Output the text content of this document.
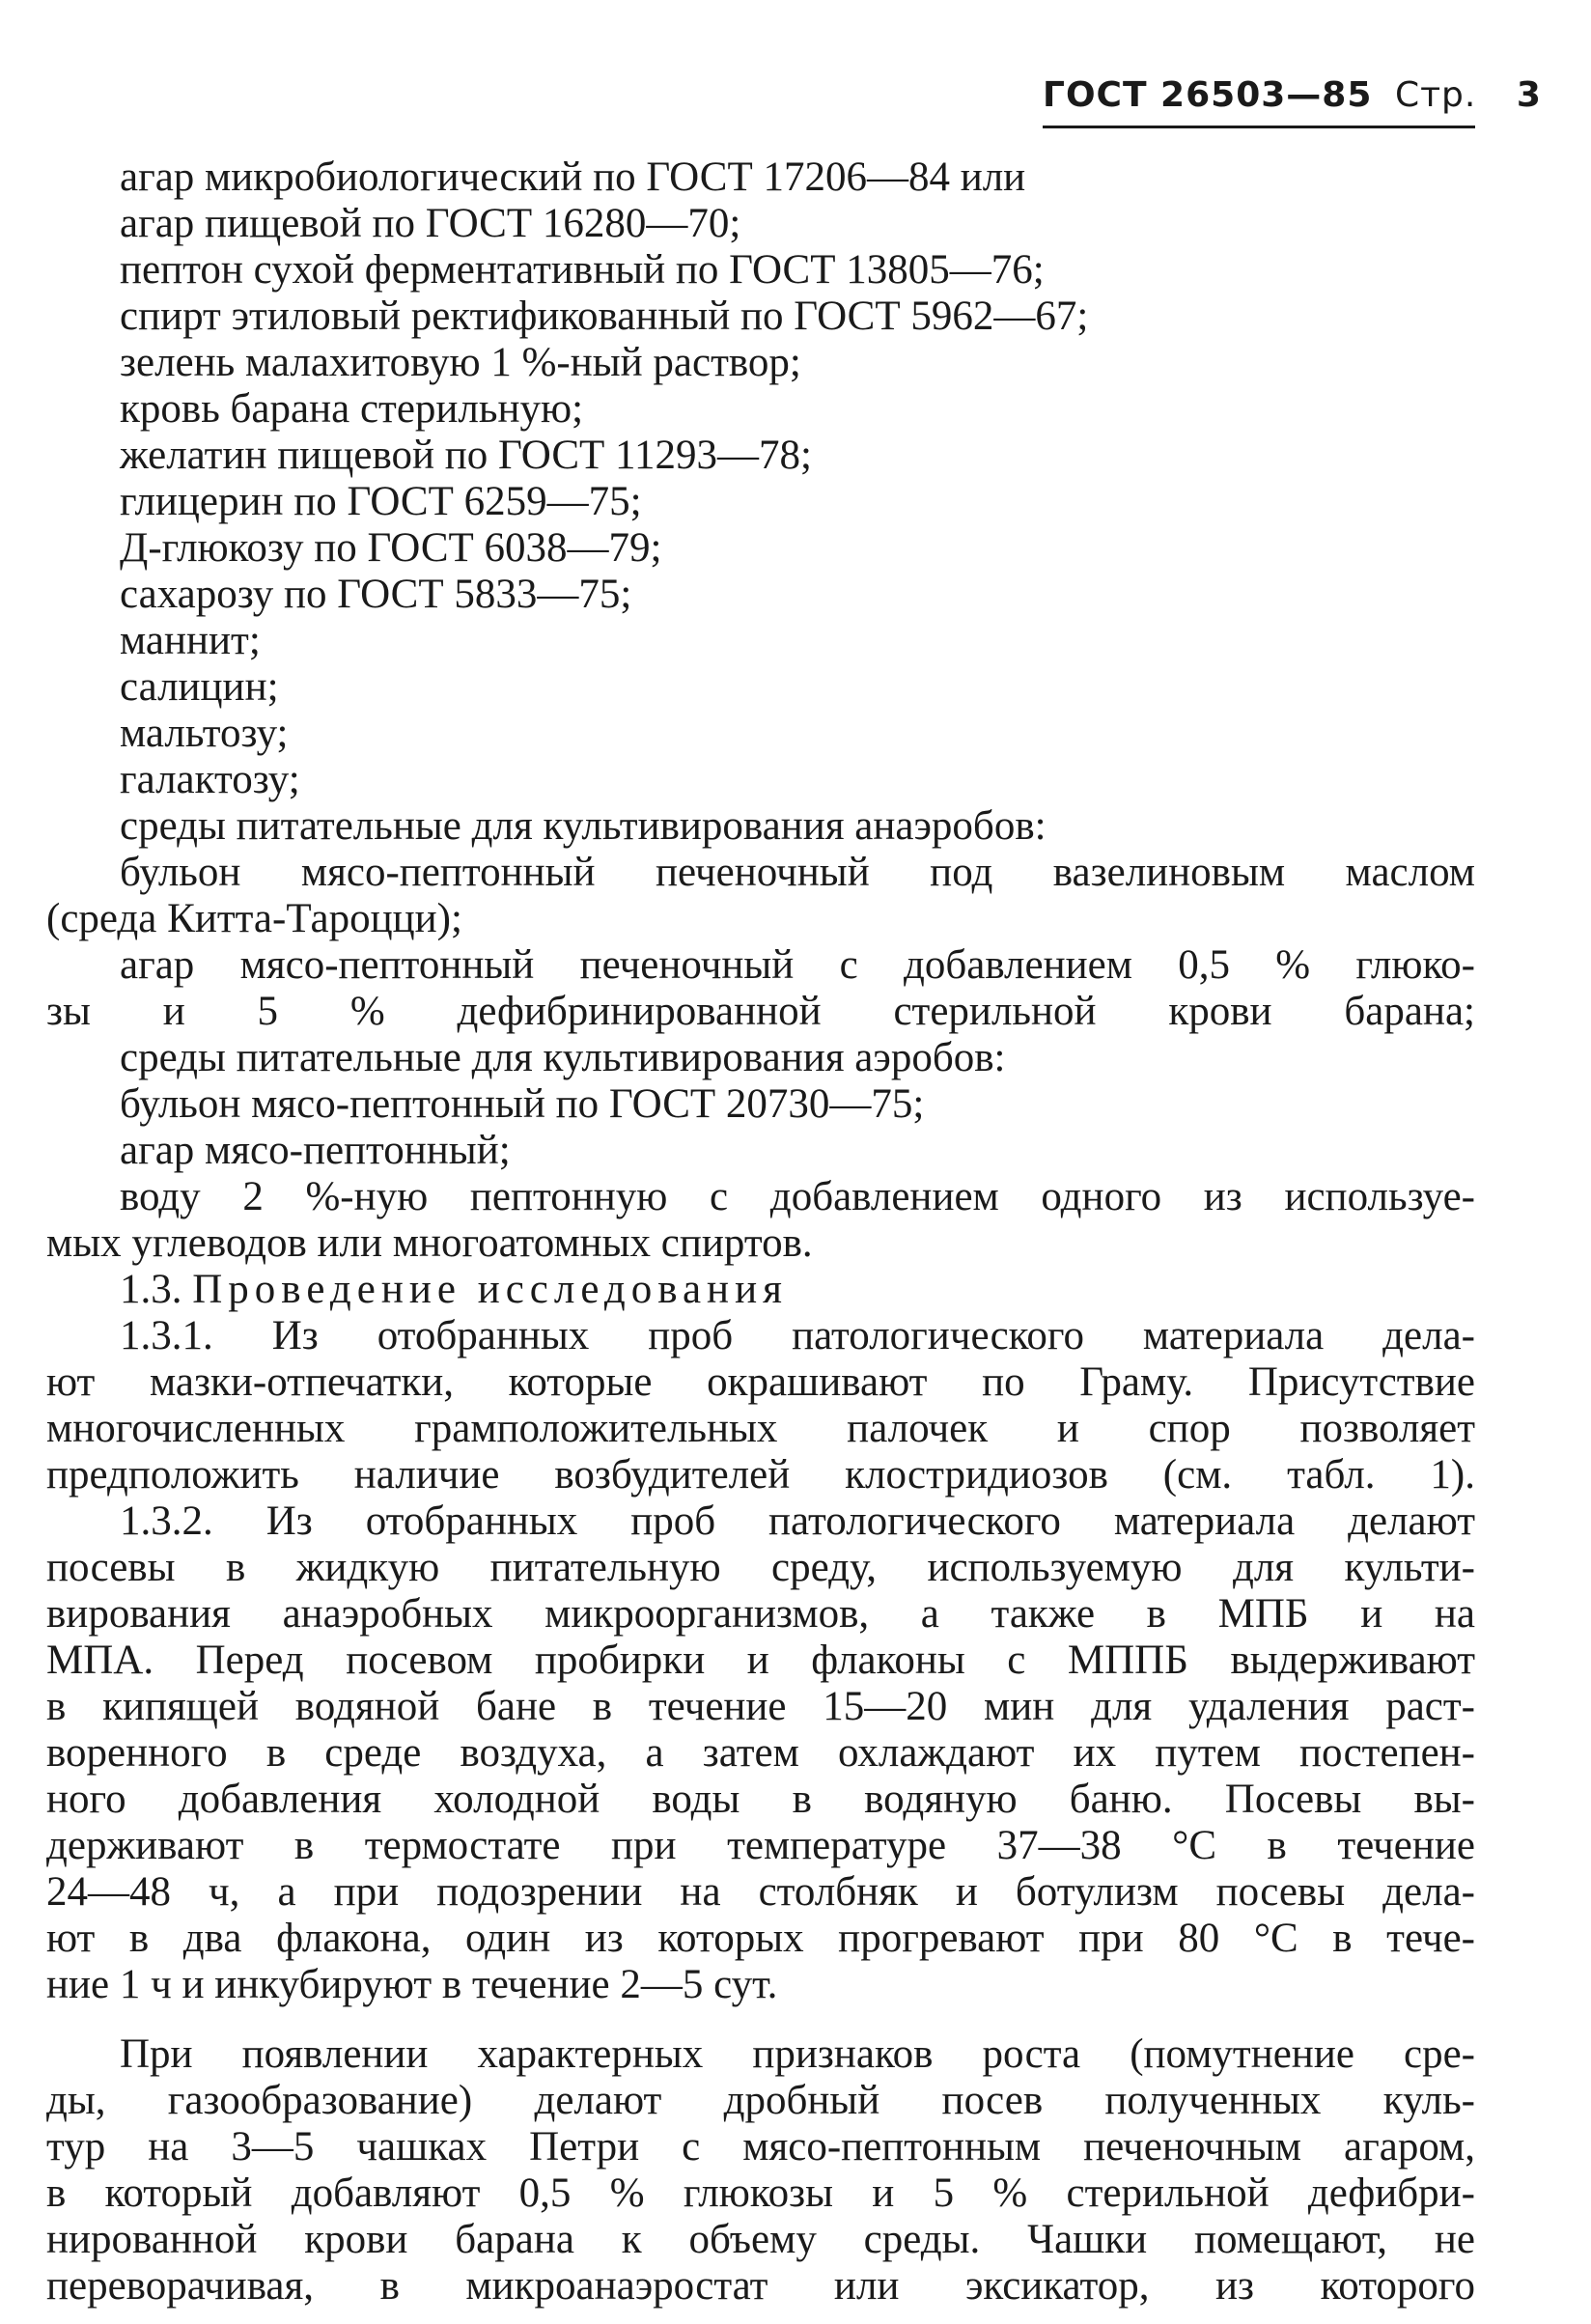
ГОСТ 26503—85 Стр. 3

агар микробиологический по ГОСТ 17206—84 или

агар пищевой по ГОСТ 16280—70;

пептон сухой ферментативный по ГОСТ 13805—76;

спирт этиловый ректификованный по ГОСТ 5962—67;

зелень малахитовую 1 %-ный раствор;

кровь барана стерильную;

желатин пищевой по ГОСТ 11293—78;

глицерин по ГОСТ 6259—75;

Д-глюкозу по ГОСТ 6038—79;

сахарозу по ГОСТ 5833—75;

маннит;

салицин;

мальтозу;

галактозу;

среды питательные для культивирования анаэробов:

бульон мясо-пептонный печеночный под вазелиновым маслом

(среда Китта-Тароцци);

агар мясо-пептонный печеночный с добавлением 0,5 % глюко-

зы и 5 % дефибринированной стерильной крови барана;

среды питательные для культивирования аэробов:

бульон мясо-пептонный по ГОСТ 20730—75;

агар мясо-пептонный;

воду 2 %-ную пептонную с добавлением одного из используе-

мых углеводов или многоатомных спиртов.

1.3. Проведение исследования

1.3.1. Из отобранных проб патологического материала дела-

ют мазки-отпечатки, которые окрашивают по Граму. Присутствие

многочисленных грамположительных палочек и спор позволяет

предположить наличие возбудителей клостридиозов (см. табл. 1).

1.3.2. Из отобранных проб патологического материала делают

посевы в жидкую питательную среду, используемую для культи-

вирования анаэробных микроорганизмов, а также в МПБ и на

МПА. Перед посевом пробирки и флаконы с МППБ выдерживают

в кипящей водяной бане в течение 15—20 мин для удаления раст-

воренного в среде воздуха, а затем охлаждают их путем постепен-

ного добавления холодной воды в водяную баню. Посевы вы-

держивают в термостате при температуре 37—38 °С в течение

24—48 ч, а при подозрении на столбняк и ботулизм посевы дела-

ют в два флакона, один из которых прогревают при 80 °С в тече-

ние 1 ч и инкубируют в течение 2—5 сут.

При появлении характерных признаков роста (помутнение сре-

ды, газообразование) делают дробный посев полученных куль-

тур на 3—5 чашках Петри с мясо-пептонным печеночным агаром,

в который добавляют 0,5 % глюкозы и 5 % стерильной дефибри-

нированной крови барана к объему среды. Чашки помещают, не

переворачивая, в микроанаэростат или эксикатор, из которого
